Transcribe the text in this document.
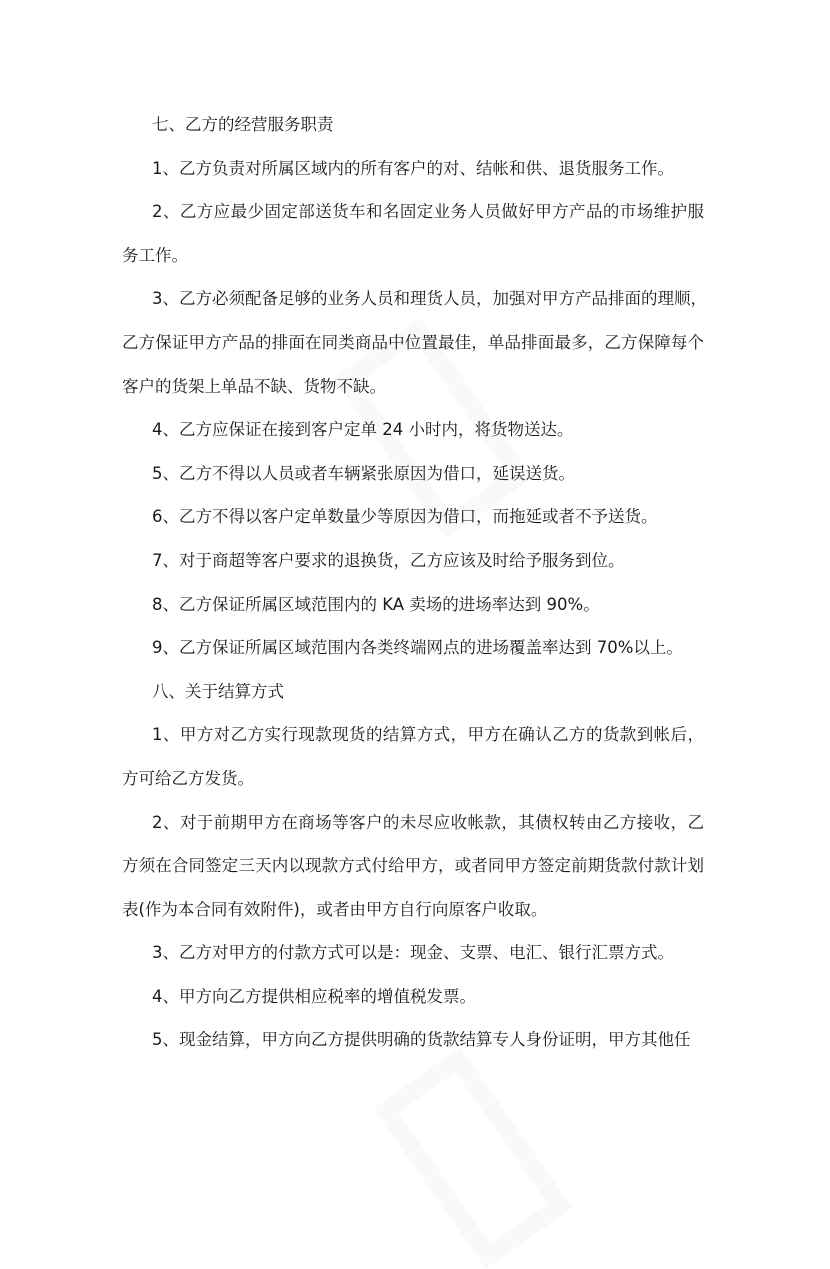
七、乙方的经营服务职责
1、乙方负责对所属区域内的所有客户的对、结帐和供、退货服务工作。
2、乙方应最少固定部送货车和名固定业务人员做好甲方产品的市场维护服
务工作。
3、乙方必须配备足够的业务人员和理货人员，加强对甲方产品排面的理顺，
乙方保证甲方产品的排面在同类商品中位置最佳，单品排面最多，乙方保障每个
客户的货架上单品不缺、货物不缺。
4、乙方应保证在接到客户定单 24 小时内，将货物送达。
5、乙方不得以人员或者车辆紧张原因为借口，延误送货。
6、乙方不得以客户定单数量少等原因为借口，而拖延或者不予送货。
7、对于商超等客户要求的退换货，乙方应该及时给予服务到位。
8、乙方保证所属区域范围内的 KA 卖场的进场率达到 90%。
9、乙方保证所属区域范围内各类终端网点的进场覆盖率达到 70%以上。
八、关于结算方式
1、甲方对乙方实行现款现货的结算方式，甲方在确认乙方的货款到帐后，
方可给乙方发货。
2、对于前期甲方在商场等客户的未尽应收帐款，其债权转由乙方接收，乙
方须在合同签定三天内以现款方式付给甲方，或者同甲方签定前期货款付款计划
表(作为本合同有效附件)，或者由甲方自行向原客户收取。
3、乙方对甲方的付款方式可以是：现金、支票、电汇、银行汇票方式。
4、甲方向乙方提供相应税率的增值税发票。
5、现金结算，甲方向乙方提供明确的货款结算专人身份证明，甲方其他任
